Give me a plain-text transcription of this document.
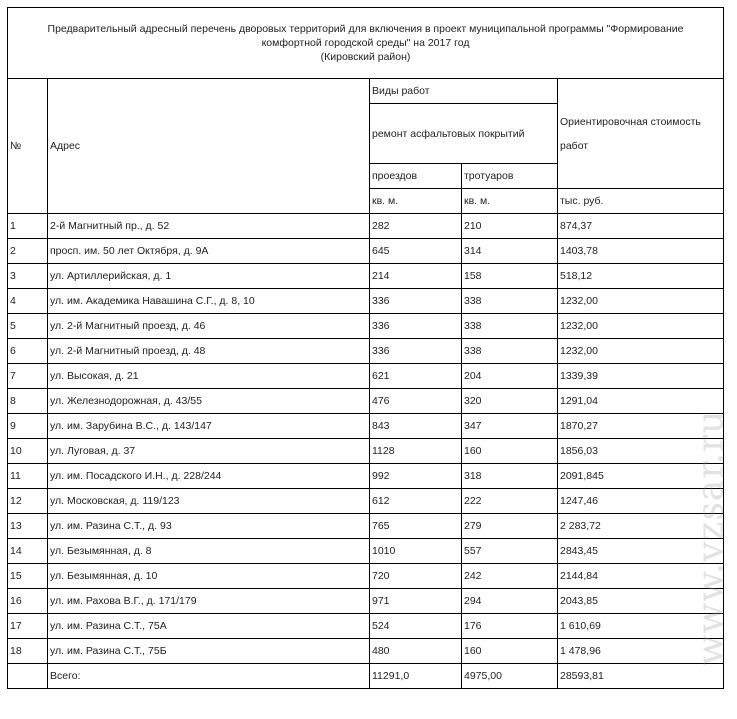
Предварительный адресный перечень дворовых территорий для включения в проект муниципальной программы "Формирование
комфортной городской среды" на 2017 год
(Кировский район)				

№	Адрес	Виды работ		Ориентировочная стоимость работ
		ремонт асфальтовых покрытий		
		проездов	тротуаров	
		кв. м.	кв. м.	тыс. руб.
1	2-й Магнитный пр., д. 52	282	210	874,37
2	просп. им. 50 лет Октября, д. 9А	645	314	1403,78
3	ул. Артиллерийская, д. 1	214	158	518,12
4	ул. им. Академика Навашина С.Г., д. 8, 10	336	338	1232,00
5	ул. 2-й Магнитный проезд, д. 46	336	338	1232,00
6	ул. 2-й Магнитный проезд, д. 48	336	338	1232,00
7	ул. Высокая, д. 21	621	204	1339,39
8	ул. Железнодорожная, д. 43/55	476	320	1291,04
9	ул. им. Зарубина В.С., д. 143/147	843	347	1870,27
10	ул. Луговая, д. 37	1128	160	1856,03
11	ул. им. Посадского И.Н., д. 228/244	992	318	2091,845
12	ул. Московская, д. 119/123	612	222	1247,46
13	ул. им. Разина С.Т., д. 93	765	279	2 283,72
14	ул. Безымянная, д. 8	1010	557	2843,45
15	ул. Безымянная, д. 10	720	242	2144,84
16	ул. им. Рахова В.Г., д. 171/179	971	294	2043,85
17	ул. им. Разина С.Т., 75А	524	176	1 610,69
18	ул. им. Разина С.Т., 75Б	480	160	1 478,96
	Всего:	11291,0	4975,00	28593,81
www.vzsar.ru
